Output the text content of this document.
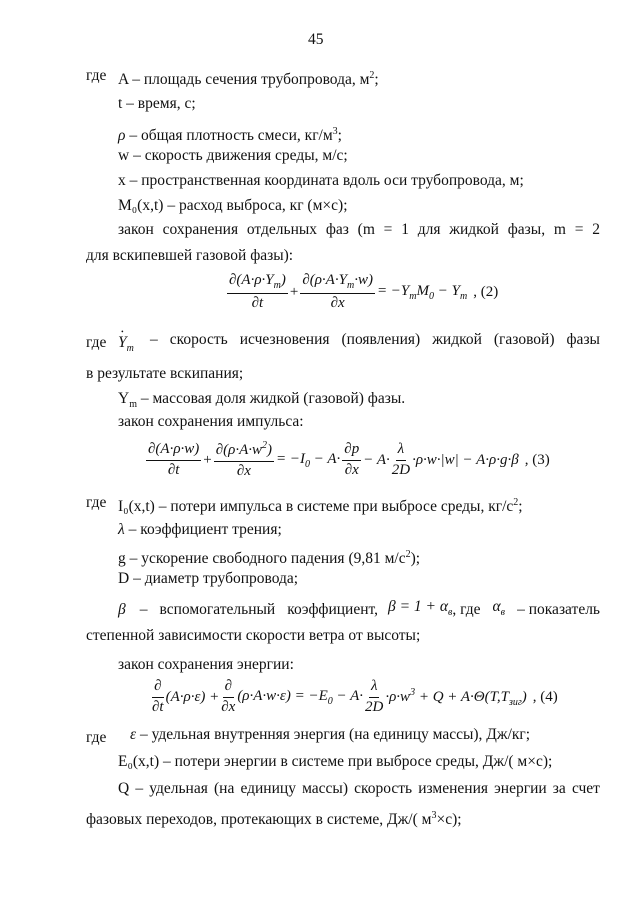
45
где A – площадь сечения трубопровода, $м^2$;
t – время, с;
ρ – общая плотность смеси, $кг/м^3$;
w – скорость движения среды, м/с;
x – пространственная координата вдоль оси трубопровода, м;
M₀(x,t) – расход выброса, кг (м×с);
закон сохранения отдельных фаз (m = 1 для жидкой фазы, m = 2
для вскипевшей газовой фазы):
$\frac{\partial(A\cdot\rho\cdot Y_m)}{\partial t} + \frac{\partial(\rho\cdot A\cdot Y_m\cdot w)}{\partial x} = -Y_mM_0 - Y_m$ , (2)
где
• $Y_m$
– скорость исчезновения (появления) жидкой (газовой) фазы
в результате вскипания;
$Y_m$ – массовая доля жидкой (газовой) фазы.
закон сохранения импульса:
$\frac{\partial(A\cdot\rho\cdot w)}{\partial t} + \frac{\partial(\rho\cdot A\cdot w^2)}{\partial x} = -I_0 - A\cdot \frac{\partial p}{\partial x} - A\cdot \frac{\lambda}{2D} \cdot\rho\cdot w\cdot|w| - A\cdot\rho\cdot g\cdot\beta$ , (3)
где I₀(x,t) – потери импульса в системе при выбросе среды, $кг/с^2$;
λ – коэффициент трения;
g – ускорение свободного падения (9,81 $м/с^2$);
D – диаметр трубопровода;
β – вспомогательный коэффициент, $\beta = 1 + \alpha_в$ , где $\alpha_в$ – показатель
степенной зависимости скорости ветра от высоты;
закон сохранения энергии:
$\frac{\partial}{\partial t} (A\cdot\rho\cdot\varepsilon) + \frac{\partial}{\partial x} (\rho\cdot A\cdot w\cdot\varepsilon) = -E_0 - A\cdot \frac{\lambda}{2D} \cdot\rho\cdot w^3 + Q + A\cdot\Theta(T,T_{зиг})$ , (4)
где ε – удельная внутренняя энергия (на единицу массы), Дж/кг;
E₀(x,t) – потери энергии в системе при выбросе среды, Дж/( м×с);
Q – удельная (на единицу массы) скорость изменения энергии за счет
фазовых переходов, протекающих в системе, Дж/( $м^3\times с$);
